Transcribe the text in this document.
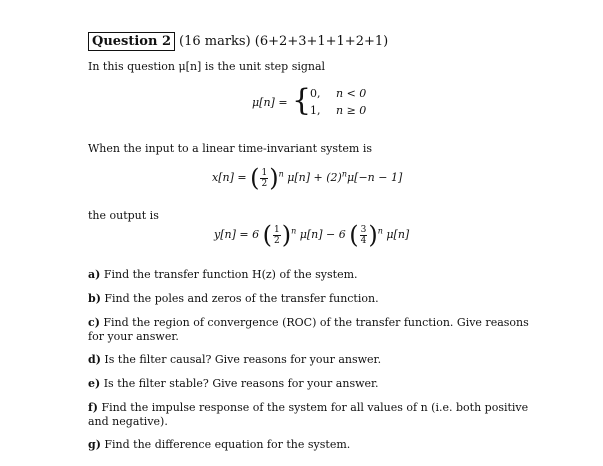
Question 2 (16 marks) (6+2+3+1+1+2+1)
In this question μ[n] is the unit step signal
μ[n] = {
0, n < 0
1, n ≥ 0
When the input to a linear time-invariant system is
x[n] = ( $\frac{1}{2} )^n$ $\mu[n] + (2)^n\mu[-n - 1]$
the output is
y[n] = 6 ( $\frac{1}{2} )^n$ μ[n] − 6 ( $\frac{3}{4} )^n$ μ[n]
a) Find the transfer function H(z) of the system.
b) Find the poles and zeros of the transfer function.
c) Find the region of convergence (ROC) of the transfer function. Give reasons for your answer.
d) Is the filter causal? Give reasons for your answer.
e) Is the filter stable? Give reasons for your answer.
f) Find the impulse response of the system for all values of n (i.e. both positive and negative).
g) Find the difference equation for the system.
